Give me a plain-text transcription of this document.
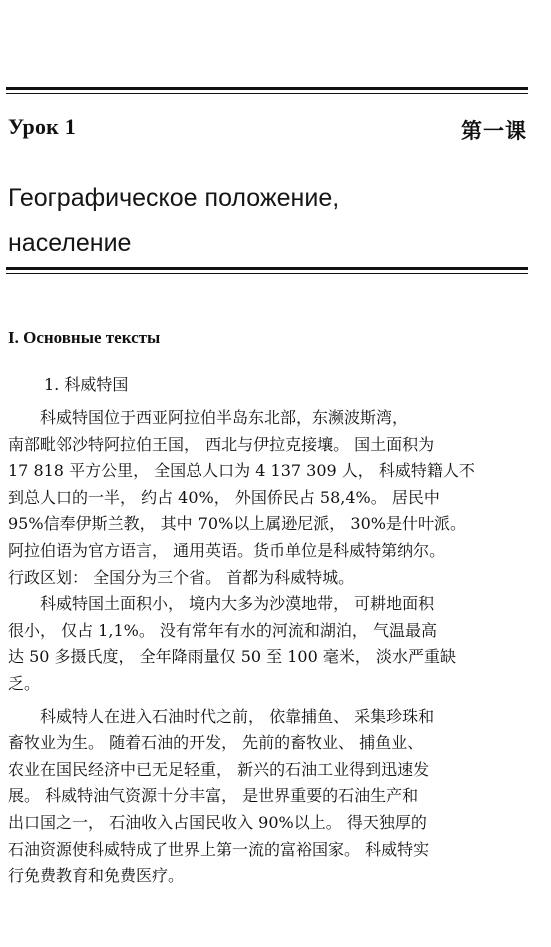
Урок 1	第一课
Географическое положение,
население
I. Основные тексты
1. 科威特国
　　科威特国位于西亚阿拉伯半岛东北部，东濒波斯湾，
南部毗邻沙特阿拉伯王国， 西北与伊拉克接壤。 国土面积为
17 818 平方公里， 全国总人口为 4 137 309 人， 科威特籍人不
到总人口的一半， 约占 40%， 外国侨民占 58,4%。 居民中
95%信奉伊斯兰教， 其中 70%以上属逊尼派， 30%是什叶派。
阿拉伯语为官方语言， 通用英语。货币单位是科威特第纳尔。
行政区划： 全国分为三个省。 首都为科威特城。
　　科威特国土面积小， 境内大多为沙漠地带， 可耕地面积
很小， 仅占 1,1%。 没有常年有水的河流和湖泊， 气温最高
达 50 多摄氏度， 全年降雨量仅 50 至 100 毫米， 淡水严重缺
乏。
　　科威特人在进入石油时代之前， 依靠捕鱼、 采集珍珠和
畜牧业为生。 随着石油的开发， 先前的畜牧业、 捕鱼业、
农业在国民经济中已无足轻重， 新兴的石油工业得到迅速发
展。 科威特油气资源十分丰富， 是世界重要的石油生产和
出口国之一， 石油收入占国民收入 90%以上。 得天独厚的
石油资源使科威特成了世界上第一流的富裕国家。 科威特实
行免费教育和免费医疗。
